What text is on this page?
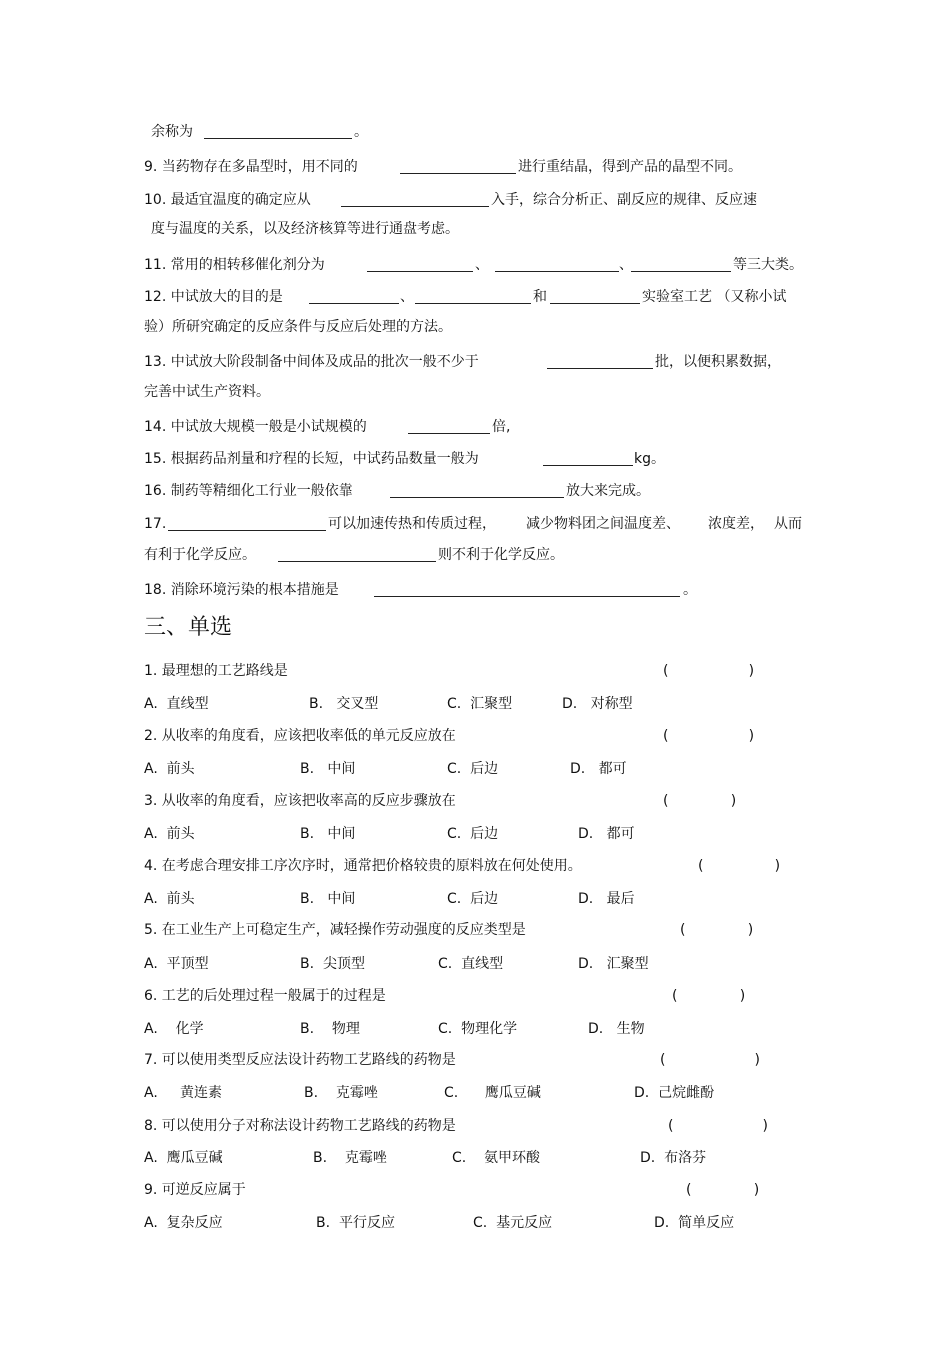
余称为	。
9. 当药物存在多晶型时，用不同的	进行重结晶，得到产品的晶型不同。
10. 最适宜温度的确定应从	入手，综合分析正、副反应的规律、反应速
度与温度的关系，以及经济核算等进行通盘考虑。
11. 常用的相转移催化剂分为	、	、	等三大类。
12. 中试放大的目的是	、	和	实验室工艺 （又称小试
验）所研究确定的反应条件与反应后处理的方法。
13. 中试放大阶段制备中间体及成品的批次一般不少于	批，以便积累数据，
完善中试生产资料。
14. 中试放大规模一般是小试规模的	倍,
15. 根据药品剂量和疗程的长短，中试药品数量一般为	kg。
16. 制药等精细化工行业一般依靠	放大来完成。
17.	可以加速传热和传质过程， 减少物料团之间温度差、 浓度差， 从而
有利于化学反应。	则不利于化学反应。
18. 消除环境污染的根本措施是	。
三、单选
1. 最理想的工艺路线是	(                  )
A.  直线型	B.   交叉型	C.  汇聚型	D.   对称型
2. 从收率的角度看，应该把收率低的单元反应放在	(                  )
A.  前头	B.   中间	C.  后边	D.   都可
3. 从收率的角度看，应该把收率高的反应步骤放在	(              )
A.  前头	B.   中间	C.  后边	D.   都可
4. 在考虑合理安排工序次序时，通常把价格较贵的原料放在何处使用。	(                )
A.  前头	B.   中间	C.  后边	D.   最后
5. 在工业生产上可稳定生产，减轻操作劳动强度的反应类型是	(              )
A.  平顶型	B.  尖顶型	C.  直线型	D.   汇聚型
6. 工艺的后处理过程一般属于的过程是	(              )
A.    化学	B.    物理	C.  物理化学	D.   生物
7. 可以使用类型反应法设计药物工艺路线的药物是	(                    )
A.     黄连素	B.    克霉唑	C.      鹰瓜豆碱	D.  己烷雌酚
8. 可以使用分子对称法设计药物工艺路线的药物是	(                    )
A.  鹰瓜豆碱	B.    克霉唑	C.    氨甲环酸	D.  布洛芬
9. 可逆反应属于	(              )
A.  复杂反应	B.  平行反应	C.  基元反应	D.  简单反应
